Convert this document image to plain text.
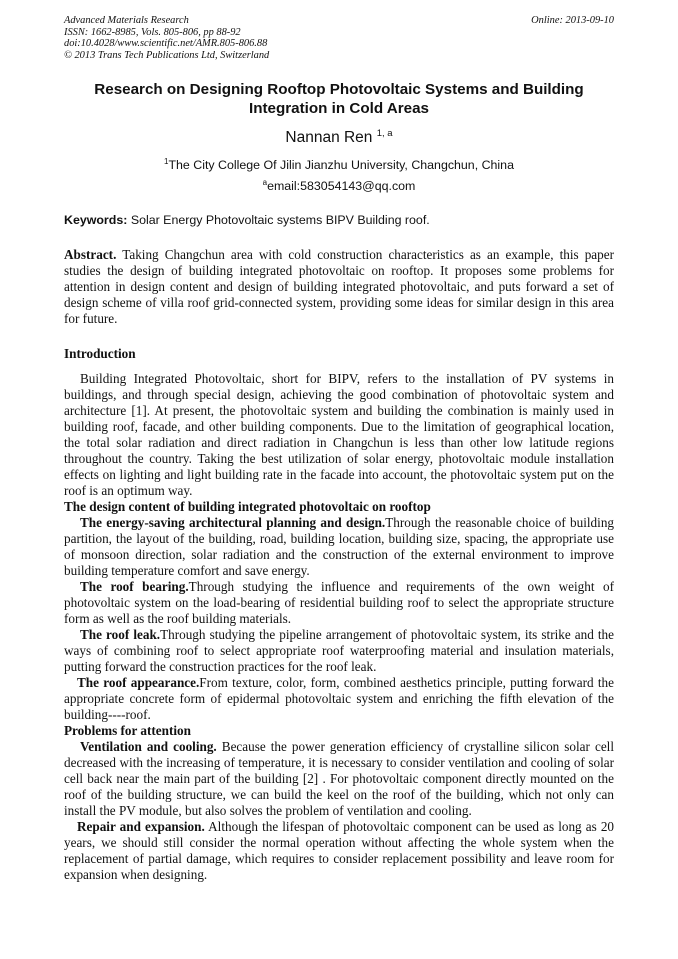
Advanced Materials Research
ISSN: 1662-8985, Vols. 805-806, pp 88-92
doi:10.4028/www.scientific.net/AMR.805-806.88
© 2013 Trans Tech Publications Ltd, Switzerland
Online: 2013-09-10
Research on Designing Rooftop Photovoltaic Systems and Building
Integration in Cold Areas
Nannan Ren $^{1, a}$
$^1$The City College Of Jilin Jianzhu University, Changchun, China
$^a$email:583054143@qq.com
Keywords: Solar Energy Photovoltaic systems BIPV Building roof.

Abstract. Taking Changchun area with cold construction characteristics as an example, this paper studies the design of building integrated photovoltaic on rooftop. It proposes some problems for attention in design content and design of building integrated photovoltaic, and puts forward a set of design scheme of villa roof grid-connected system, providing some ideas for similar design in this area for future.

Introduction

Building Integrated Photovoltaic, short for BIPV, refers to the installation of PV systems in buildings, and through special design, achieving the good combination of photovoltaic system and architecture [1]. At present, the photovoltaic system and building the combination is mainly used in building roof, facade, and other building components. Due to the limitation of geographical location, the total solar radiation and direct radiation in Changchun is less than other low latitude regions throughout the country. Taking the best utilization of solar energy, photovoltaic module installation effects on lighting and light building rate in the facade into account, the photovoltaic system put on the roof is an optimum way.

The design content of building integrated photovoltaic on rooftop

The energy-saving architectural planning and design.Through the reasonable choice of building partition, the layout of the building, road, building location, building size, spacing, the appropriate use of monsoon direction, solar radiation and the construction of the external environment to improve building temperature comfort and save energy.

The roof bearing.Through studying the influence and requirements of the own weight of photovoltaic system on the load-bearing of residential building roof to select the appropriate structure form as well as the roof building materials.

The roof leak.Through studying the pipeline arrangement of photovoltaic system, its strike and the ways of combining roof to select appropriate roof waterproofing material and insulation materials, putting forward the construction practices for the roof leak.

The roof appearance.From texture, color, form, combined aesthetics principle, putting forward the appropriate concrete form of epidermal photovoltaic system and enriching the fifth elevation of the building----roof.

Problems for attention

Ventilation and cooling. Because the power generation efficiency of crystalline silicon solar cell decreased with the increasing of temperature, it is necessary to consider ventilation and cooling of solar cell back near the main part of the building [2] . For photovoltaic component directly mounted on the roof of the building structure, we can build the keel on the roof of the building, which not only can install the PV module, but also solves the problem of ventilation and cooling.

Repair and expansion. Although the lifespan of photovoltaic component can be used as long as 20 years, we should still consider the normal operation without affecting the whole system when the replacement of partial damage, which requires to consider replacement possibility and leave room for expansion when designing.
